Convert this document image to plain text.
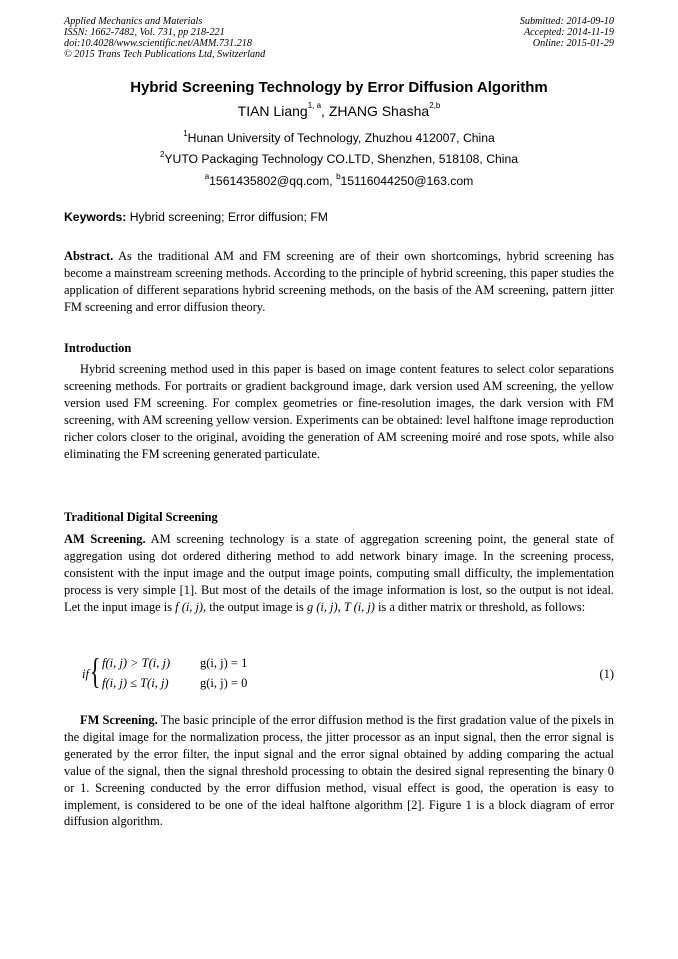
Applied Mechanics and Materials
ISSN: 1662-7482, Vol. 731, pp 218-221
doi:10.4028/www.scientific.net/AMM.731.218
© 2015 Trans Tech Publications Ltd, Switzerland
Submitted: 2014-09-10
Accepted: 2014-11-19
Online: 2015-01-29
Hybrid Screening Technology by Error Diffusion Algorithm
TIAN Liang$^{1, a}$, ZHANG Shasha$^{2,b}$
$^1$Hunan University of Technology, Zhuzhou 412007, China
$^2$YUTO Packaging Technology CO.LTD, Shenzhen, 518108, China
$^a$1561435802@qq.com, $^b$15116044250@163.com
Keywords: Hybrid screening; Error diffusion; FM
Abstract. As the traditional AM and FM screening are of their own shortcomings, hybrid screening has become a mainstream screening methods. According to the principle of hybrid screening, this paper studies the application of different separations hybrid screening methods, on the basis of the AM screening, pattern jitter FM screening and error diffusion theory.
Introduction
Hybrid screening method used in this paper is based on image content features to select color separations screening methods. For portraits or gradient background image, dark version used AM screening, the yellow version used FM screening. For complex geometries or fine-resolution images, the dark version with FM screening, with AM screening yellow version. Experiments can be obtained: level halftone image reproduction richer colors closer to the original, avoiding the generation of AM screening moiré and rose spots, while also eliminating the FM screening generated particulate.
Traditional Digital Screening
AM Screening. AM screening technology is a state of aggregation screening point, the general state of aggregation using dot ordered dithering method to add network binary image. In the screening process, consistent with the input image and the output image points, computing small difficulty, the implementation process is very simple [1]. But most of the details of the image information is lost, so the output is not ideal. Let the input image is f (i, j), the output image is g (i, j), T (i, j) is a dither matrix or threshold, as follows:
if { f(i, j) > T(i, j) g(i, j) = 1
f(i, j) ≤ T(i, j)	g(i, j) = 0
(1)
FM Screening. The basic principle of the error diffusion method is the first gradation value of the pixels in the digital image for the normalization process, the jitter processor as an input signal, then the error signal is generated by the error filter, the input signal and the error signal obtained by adding comparing the actual value of the signal, then the signal threshold processing to obtain the desired signal representing the binary 0 or 1. Screening conducted by the error diffusion method, visual effect is good, the operation is easy to implement, is considered to be one of the ideal halftone algorithm [2]. Figure 1 is a block diagram of error diffusion algorithm.
